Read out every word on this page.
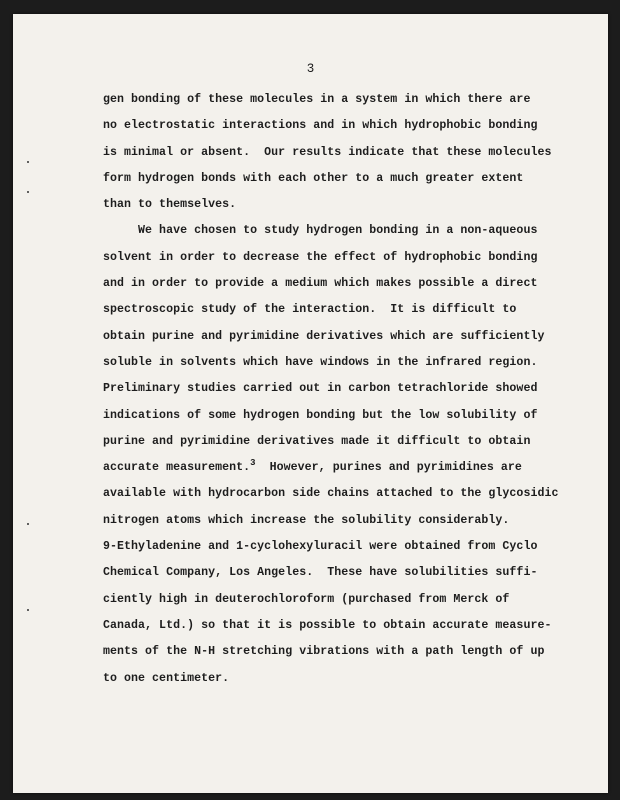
3
gen bonding of these molecules in a system in which there are
no electrostatic interactions and in which hydrophobic bonding
is minimal or absent.  Our results indicate that these molecules
form hydrogen bonds with each other to a much greater extent
than to themselves.
We have chosen to study hydrogen bonding in a non-aqueous
solvent in order to decrease the effect of hydrophobic bonding
and in order to provide a medium which makes possible a direct
spectroscopic study of the interaction.  It is difficult to
obtain purine and pyrimidine derivatives which are sufficiently
soluble in solvents which have windows in the infrared region.
Preliminary studies carried out in carbon tetrachloride showed
indications of some hydrogen bonding but the low solubility of
purine and pyrimidine derivatives made it difficult to obtain
accurate measurement.$^3$  However, purines and pyrimidines are
available with hydrocarbon side chains attached to the glycosidic
nitrogen atoms which increase the solubility considerably.
9-Ethyladenine and 1-cyclohexyluracil were obtained from Cyclo
Chemical Company, Los Angeles.  These have solubilities suffi-
ciently high in deuterochloroform (purchased from Merck of
Canada, Ltd.) so that it is possible to obtain accurate measure-
ments of the N-H stretching vibrations with a path length of up
to one centimeter.
